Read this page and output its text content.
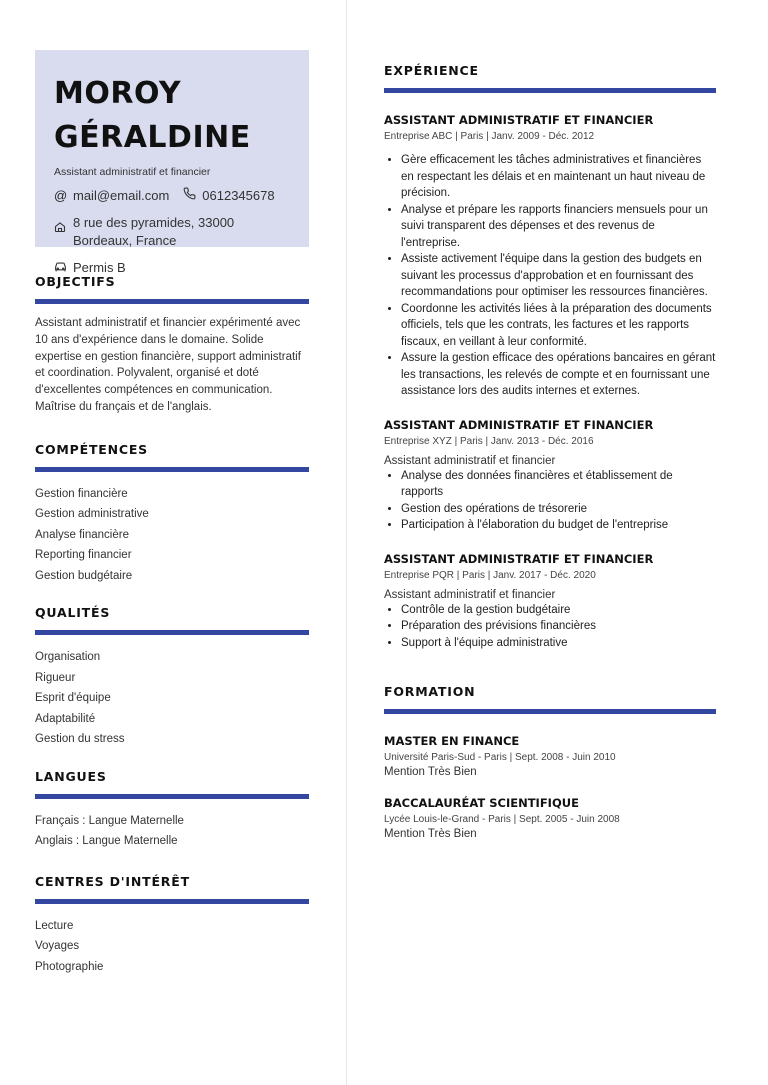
MOROY
GÉRALDINE
Assistant administratif et financier
@ mail@email.com	0612345678
8 rue des pyramides, 33000 Bordeaux, France
Permis B
OBJECTIFS
Assistant administratif et financier expérimenté avec 10 ans d'expérience dans le domaine. Solide expertise en gestion financière, support administratif et coordination. Polyvalent, organisé et doté d'excellentes compétences en communication. Maîtrise du français et de l'anglais.
COMPÉTENCES
Gestion financière
Gestion administrative
Analyse financière
Reporting financier
Gestion budgétaire
QUALITÉS
Organisation
Rigueur
Esprit d'équipe
Adaptabilité
Gestion du stress
LANGUES
Français : Langue Maternelle
Anglais : Langue Maternelle
CENTRES D'INTÉRÊT
Lecture
Voyages
Photographie
EXPÉRIENCE
ASSISTANT ADMINISTRATIF ET FINANCIER
Entreprise ABC | Paris | Janv. 2009 - Déc. 2012
• Gère efficacement les tâches administratives et financières en respectant les délais et en maintenant un haut niveau de précision.
• Analyse et prépare les rapports financiers mensuels pour un suivi transparent des dépenses et des revenus de l'entreprise.
• Assiste activement l'équipe dans la gestion des budgets en suivant les processus d'approbation et en fournissant des recommandations pour optimiser les ressources financières.
• Coordonne les activités liées à la préparation des documents officiels, tels que les contrats, les factures et les rapports fiscaux, en veillant à leur conformité.
• Assure la gestion efficace des opérations bancaires en gérant les transactions, les relevés de compte et en fournissant une assistance lors des audits internes et externes.
ASSISTANT ADMINISTRATIF ET FINANCIER
Entreprise XYZ | Paris | Janv. 2013 - Déc. 2016
Assistant administratif et financier
• Analyse des données financières et établissement de rapports
• Gestion des opérations de trésorerie
• Participation à l'élaboration du budget de l'entreprise
ASSISTANT ADMINISTRATIF ET FINANCIER
Entreprise PQR | Paris | Janv. 2017 - Déc. 2020
Assistant administratif et financier
• Contrôle de la gestion budgétaire
• Préparation des prévisions financières
• Support à l'équipe administrative
FORMATION
MASTER EN FINANCE
Université Paris-Sud - Paris | Sept. 2008 - Juin 2010
Mention Très Bien
BACCALAURÉAT SCIENTIFIQUE
Lycée Louis-le-Grand - Paris | Sept. 2005 - Juin 2008
Mention Très Bien
